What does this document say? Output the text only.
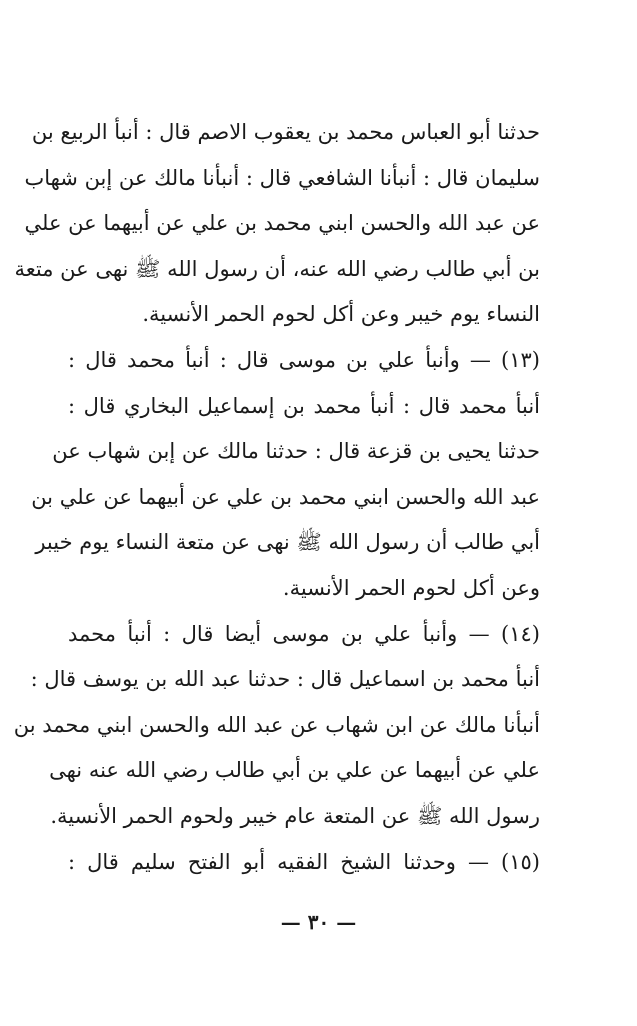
حدثنا أبو العباس محمد بن يعقوب الاصم قال : أنبأ الربيع بن
سليمان قال : أنبأنا الشافعي قال : أنبأنا مالك عن إبن شهاب
عن عبد الله والحسن ابني محمد بن علي عن أبيهما عن علي
بن أبي طالب رضي الله عنه، أن رسول الله ﷺ نهى عن متعة
النساء يوم خيبر وعن أكل لحوم الحمر الأنسية.
(١٣) — وأنبأ علي بن موسى قال : أنبأ محمد قال :
أنبأ محمد قال : أنبأ محمد بن إسماعيل البخاري قال :
حدثنا يحيى بن قزعة قال : حدثنا مالك عن إبن شهاب عن
عبد الله والحسن ابني محمد بن علي عن أبيهما عن علي بن
أبي طالب أن رسول الله ﷺ نهى عن متعة النساء يوم خيبر
وعن أكل لحوم الحمر الأنسية.
(١٤) — وأنبأ علي بن موسى أيضا قال : أنبأ محمد
أنبأ محمد بن اسماعيل قال : حدثنا عبد الله بن يوسف قال :
أنبأنا مالك عن ابن شهاب عن عبد الله والحسن ابني محمد بن
علي عن أبيهما عن علي بن أبي طالب رضي الله عنه نهى
رسول الله ﷺ عن المتعة عام خيبر ولحوم الحمر الأنسية.
(١٥) — وحدثنا الشيخ الفقيه أبو الفتح سليم قال :
— ٣٠ —
